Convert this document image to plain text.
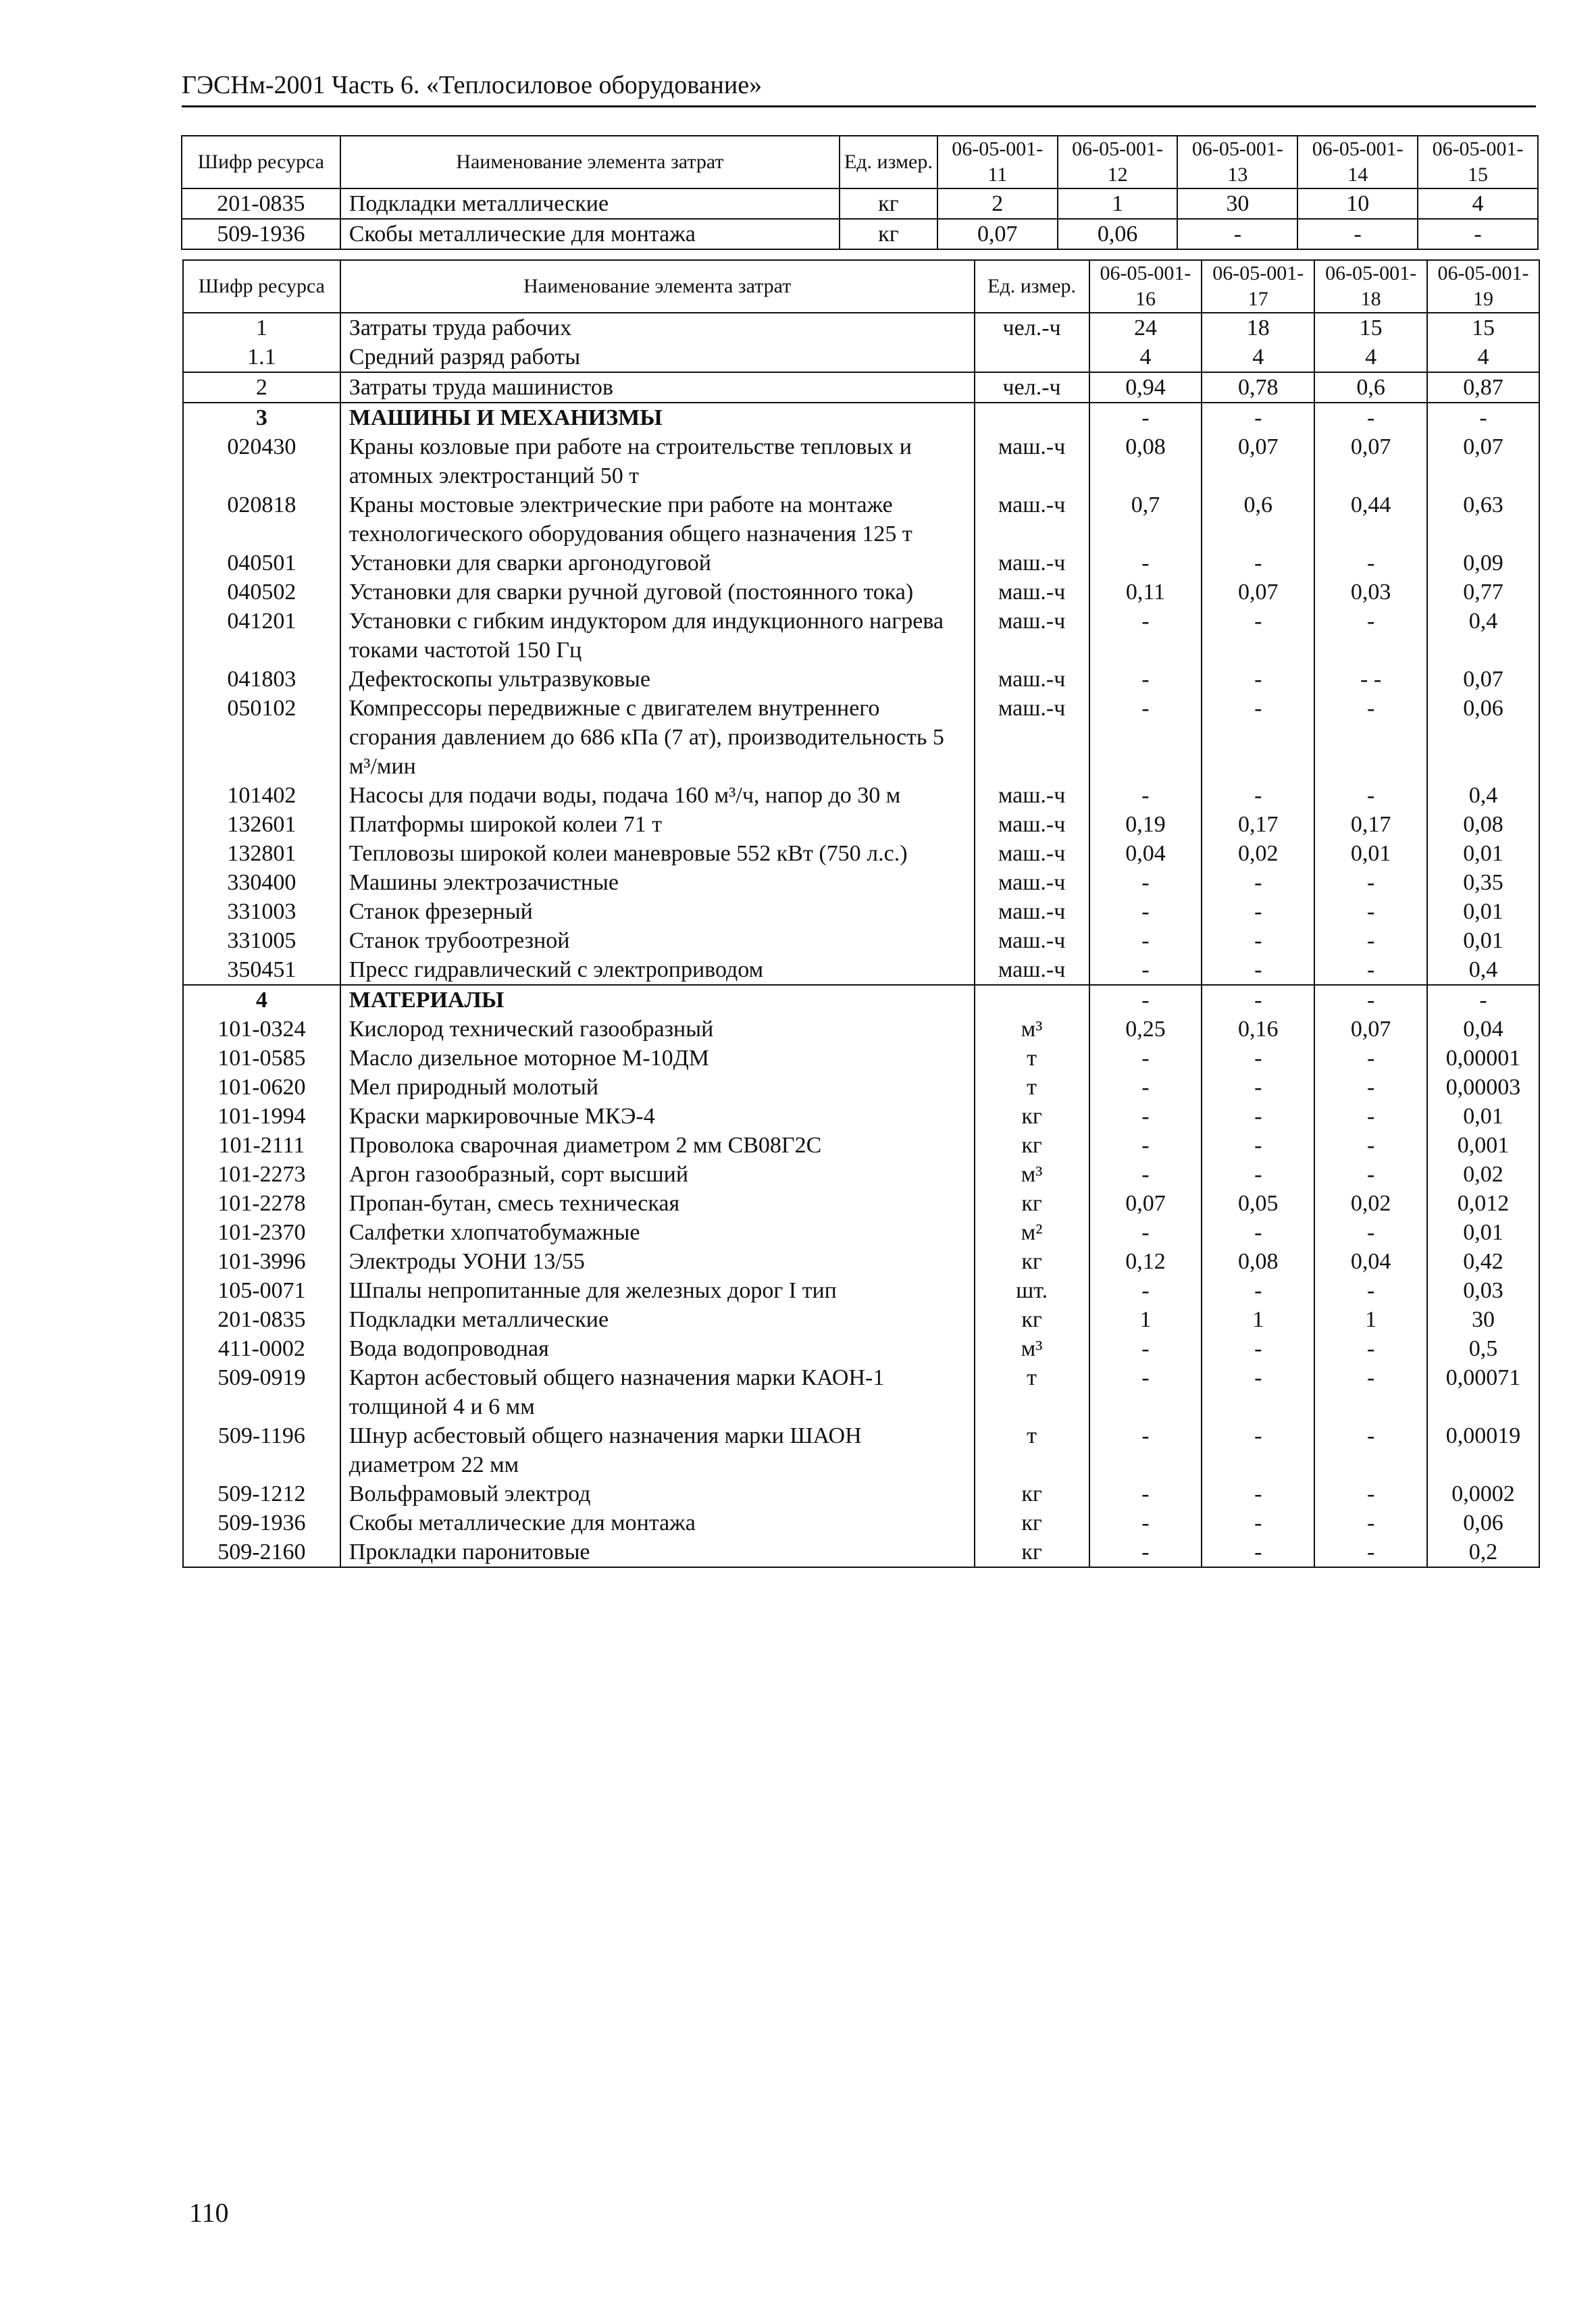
ГЭСНм-2001 Часть 6. «Теплосиловое оборудование»
Шифр ресурса	Наименование элемента затрат	Ед. измер.	06-05-001-11	06-05-001-12	06-05-001-13	06-05-001-14	06-05-001-15
201-0835	Подкладки металлические	кг	2	1	30	10	4
509-1936	Скобы металлические для монтажа	кг	0,07	0,06	-	-	-
Шифр ресурса	Наименование элемента затрат	Ед. измер.	06-05-001-16	06-05-001-17	06-05-001-18	06-05-001-19
1	Затраты труда рабочих	чел.-ч	24	18	15	15
1.1	Средний разряд работы		4	4	4	4
2	Затраты труда машинистов	чел.-ч	0,94	0,78	0,6	0,87
3	МАШИНЫ И МЕХАНИЗМЫ		-	-	-	-
020430	Краны козловые при работе на строительстве тепловых и атомных электростанций 50 т	маш.-ч	0,08	0,07	0,07	0,07
020818	Краны мостовые электрические при работе на монтаже технологического оборудования общего назначения 125 т	маш.-ч	0,7	0,6	0,44	0,63
040501	Установки для сварки аргонодуговой	маш.-ч	-	-	-	0,09
040502	Установки для сварки ручной дуговой (постоянного тока)	маш.-ч	0,11	0,07	0,03	0,77
041201	Установки с гибким индуктором для индукционного нагрева токами частотой 150 Гц	маш.-ч	-	-	-	0,4
041803	Дефектоскопы ультразвуковые	маш.-ч	-	-	- -	0,07
050102	Компрессоры передвижные с двигателем внутреннего сгорания давлением до 686 кПа (7 ат), производительность 5 м³/мин	маш.-ч	-	-	-	0,06
101402	Насосы для подачи воды, подача 160 м³/ч, напор до 30 м	маш.-ч	-	-	-	0,4
132601	Платформы широкой колеи 71 т	маш.-ч	0,19	0,17	0,17	0,08
132801	Тепловозы широкой колеи маневровые 552 кВт (750 л.с.)	маш.-ч	0,04	0,02	0,01	0,01
330400	Машины электрозачистные	маш.-ч	-	-	-	0,35
331003	Станок фрезерный	маш.-ч	-	-	-	0,01
331005	Станок трубоотрезной	маш.-ч	-	-	-	0,01
350451	Пресс гидравлический с электроприводом	маш.-ч	-	-	-	0,4
4	МАТЕРИАЛЫ		-	-	-	-
101-0324	Кислород технический газообразный	м³	0,25	0,16	0,07	0,04
101-0585	Масло дизельное моторное М-10ДМ	т	-	-	-	0,00001
101-0620	Мел природный молотый	т	-	-	-	0,00003
101-1994	Краски маркировочные МКЭ-4	кг	-	-	-	0,01
101-2111	Проволока сварочная диаметром 2 мм СВ08Г2С	кг	-	-	-	0,001
101-2273	Аргон газообразный, сорт высший	м³	-	-	-	0,02
101-2278	Пропан-бутан, смесь техническая	кг	0,07	0,05	0,02	0,012
101-2370	Салфетки хлопчатобумажные	м²	-	-	-	0,01
101-3996	Электроды УОНИ 13/55	кг	0,12	0,08	0,04	0,42
105-0071	Шпалы непропитанные для железных дорог I тип	шт.	-	-	-	0,03
201-0835	Подкладки металлические	кг	1	1	1	30
411-0002	Вода водопроводная	м³	-	-	-	0,5
509-0919	Картон асбестовый общего назначения марки КАОН-1 толщиной 4 и 6 мм	т	-	-	-	0,00071
509-1196	Шнур асбестовый общего назначения марки ШАОН диаметром 22 мм	т	-	-	-	0,00019
509-1212	Вольфрамовый электрод	кг	-	-	-	0,0002
509-1936	Скобы металлические для монтажа	кг	-	-	-	0,06
509-2160	Прокладки паронитовые	кг	-	-	-	0,2
110
